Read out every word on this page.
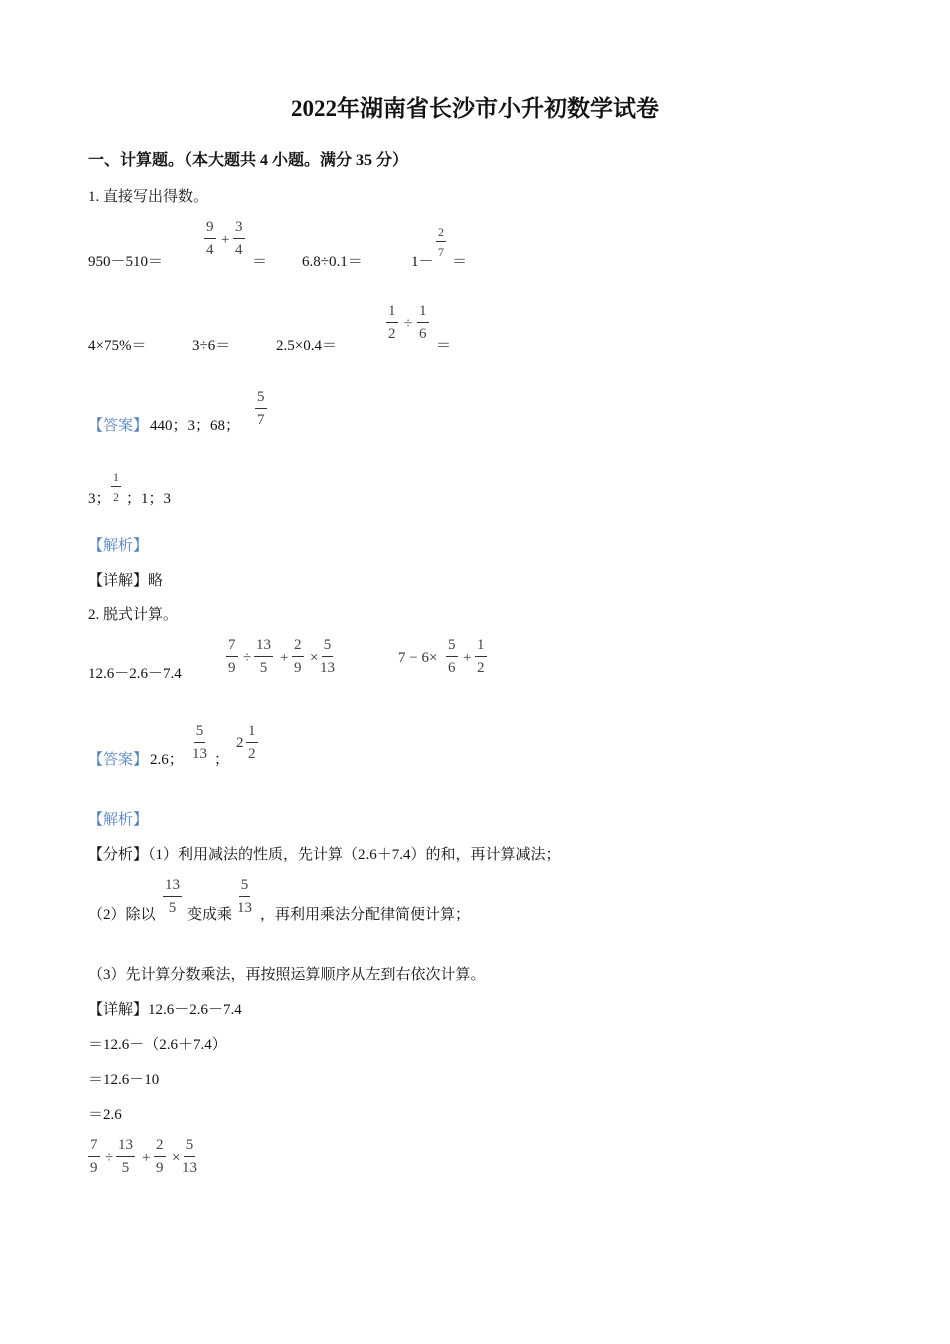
2022年湖南省长沙市小升初数学试卷
一、计算题。（本大题共 4 小题。满分 35 分）
1. 直接写出得数。
950－510＝
$\frac{9}{4} + \frac{3}{4}$
＝ 6.8÷0.1＝	1－
$\frac{2}{7}$
＝
4×75%＝	3÷6＝	2.5×0.4＝
$\frac{1}{2} \div \frac{1}{6}$
＝
【答案】 440；3；68； $\frac{5}{7}$
3； $\frac{1}{2}$ ；1；3
【解析】
【详解】略
2. 脱式计算。
12.6－2.6－7.4	$\frac{7}{9} \div \frac{13}{5} + \frac{2}{9} \times \frac{5}{13}$	$7 - 6\times \frac{5}{6} + \frac{1}{2}$
【答案】 2.6； $\frac{5}{13}$ ；
$2 \frac{1}{2}$
【解析】
【分析】（1）利用减法的性质，先计算（2.6＋7.4）的和，再计算减法；
（2）除以 $\frac{13}{5}$ 变成乘 $\frac{5}{13}$ ，再利用乘法分配律简便计算；
（3）先计算分数乘法，再按照运算顺序从左到右依次计算。
【详解】12.6－2.6－7.4
＝12.6－（2.6＋7.4）
＝12.6－10
＝2.6
$\frac{7}{9} \div \frac{13}{5} + \frac{2}{9} \times \frac{5}{13}$
